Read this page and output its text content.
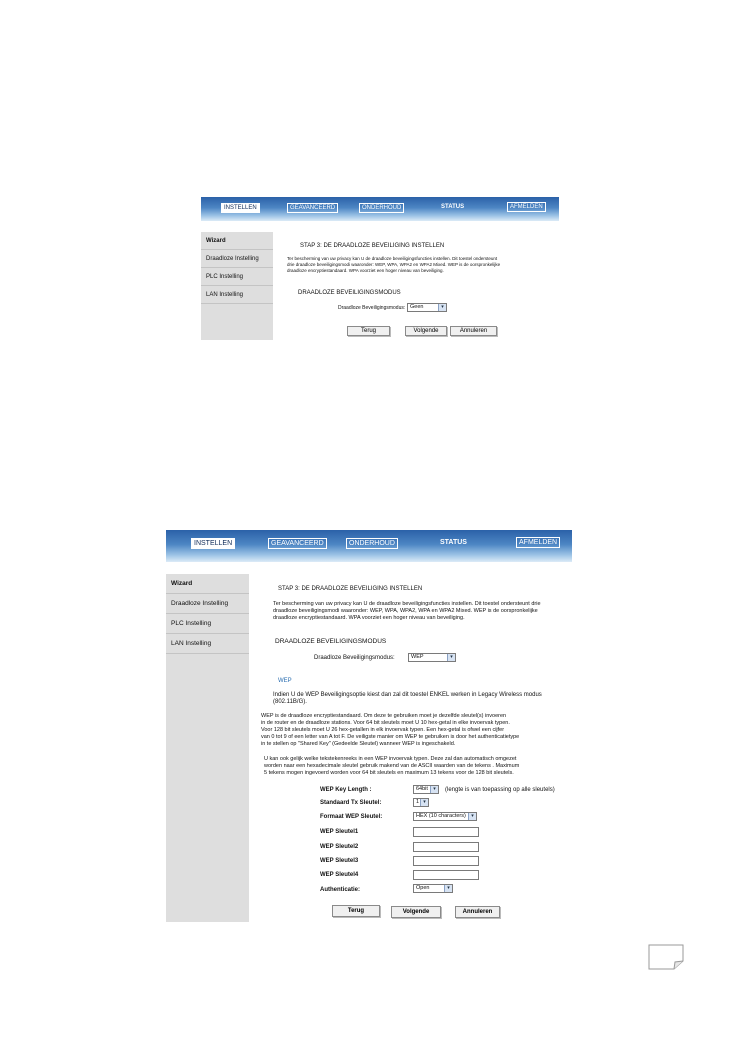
INSTELLEN	GEAVANCEERD	ONDERHOUD	STATUS	AFMELDEN
Wizard
Draadloze Instelling
PLC Instelling
LAN Instelling
STAP 3: DE DRAADLOZE BEVEILIGING INSTELLEN
Ter bescherming van uw privacy kan U de draadloze beveiligingsfuncties instellen. Dit toestel ondersteunt
drie draadloze beveiligingsmodi waaronder: WEP, WPA, WPA2 en WPA2 Mixed. WEP is de oorspronkelijke
draadloze encryptiestandaard. WPA voorziet een hoger niveau van beveiliging.
DRAADLOZE BEVEILIGINGSMODUS
Draadloze Beveiligingsmodus: Geen	▾
Terug	Volgende	Annuleren
INSTELLEN	GEAVANCEERD	ONDERHOUD	STATUS	AFMELDEN
Wizard
Draadloze Instelling
PLC Instelling
LAN Instelling
STAP 3: DE DRAADLOZE BEVEILIGING INSTELLEN
Ter bescherming van uw privacy kan U de draadloze beveiligingsfuncties instellen. Dit toestel ondersteunt drie
draadloze beveiligingsmodi waaronder: WEP, WPA, WPA2, WPA en WPA2 Mixed. WEP is de oorspronkelijke
draadloze encryptiestandaard. WPA voorziet een hoger niveau van beveiliging.
DRAADLOZE BEVEILIGINGSMODUS
Draadloze Beveiligingsmodus:	WEP	▾
WEP
Indien U de WEP Beveiligingsoptie kiest dan zal dit toestel ENKEL werken in Legacy Wireless modus
(802.11B/G).
WEP is de draadloze encryptiestandaard. Om deze te gebruiken moet je dezelfde sleutel(s) invoeren
in de router en de draadloze stations. Voor 64 bit sleutels moet U 10 hex-getal in elke invoervak typen.
Voor 128 bit sleutels moet U 26 hex-getallen in elk invoervak typen. Een hex-getal is ofwel een cijfer
van 0 tot 9 of een letter van A tot F. De veiligste manier om WEP te gebruiken is door het authenticatietype
in te stellen op "Shared Key" (Gedeelde Sleutel) wanneer WEP is ingeschakeld.
U kan ook gelijk welke tekstekenreeks in een WEP invoervak typen. Deze zal dan automatisch omgezet
worden naar een hexadecimale sleutel gebruik makend van de ASCII waarden van de tekens . Maximum
5 tekens mogen ingevoerd worden voor 64 bit sleutels en maximum 13 tekens voor de 128 bit sleutels.
WEP Key Length :	64bit	▾	(lengte is van toepassing op alle sleutels)
Standaard Tx Sleutel:	1 ▾
Formaat WEP Sleutel:	HEX (10 characters)	▾
WEP Sleutel1
WEP Sleutel2
WEP Sleutel3
WEP Sleutel4
Authenticatie:	Open	▾
Terug	Volgende	Annuleren
